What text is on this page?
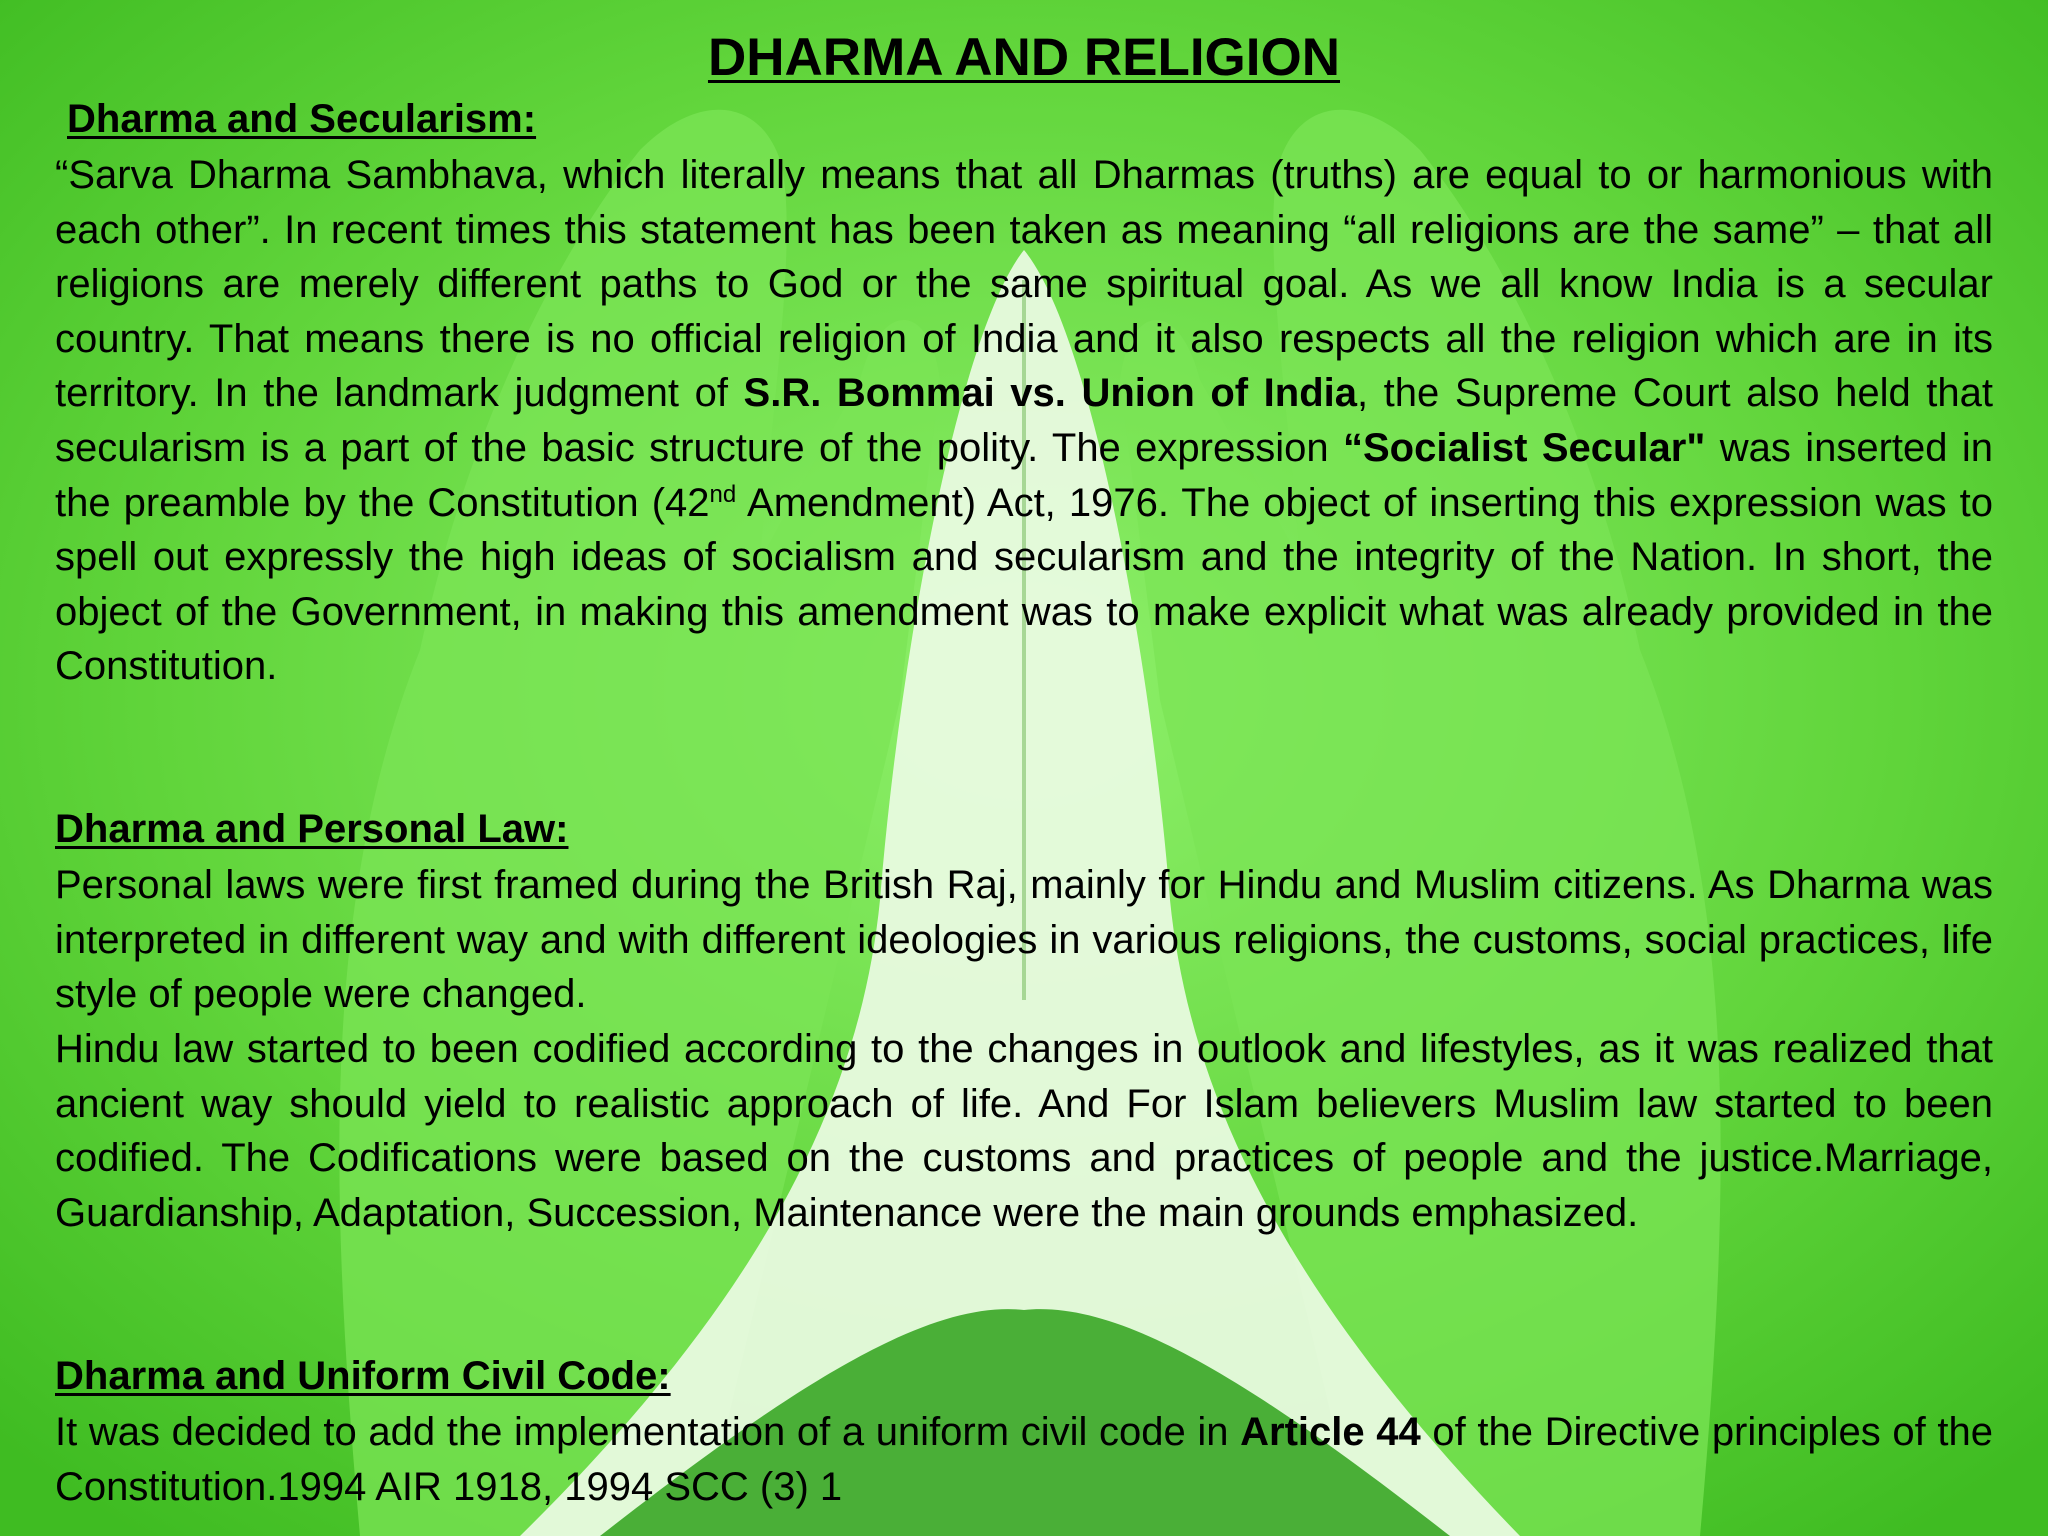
DHARMA AND RELIGION
Dharma and Secularism:

“Sarva Dharma Sambhava, which literally means that all Dharmas (truths) are equal to or harmonious with each other”. In recent times this statement has been taken as meaning “all religions are the same” – that all religions are merely different paths to God or the same spiritual goal. As we all know India is a secular country. That means there is no official religion of India and it also respects all the religion which are in its territory. In the landmark judgment of S.R. Bommai vs. Union of India, the Supreme Court also held that secularism is a part of the basic structure of the polity. The expression “Socialist Secular" was inserted in the preamble by the Constitution (42nd Amendment) Act, 1976. The object of inserting this expression was to spell out expressly the high ideas of socialism and secularism and the integrity of the Nation. In short, the object of the Government, in making this amendment was to make explicit what was already provided in the Constitution.

Dharma and Personal Law:

Personal laws were first framed during the British Raj, mainly for Hindu and Muslim citizens. As Dharma was interpreted in different way and with different ideologies in various religions, the customs, social practices, life style of people were changed.

Hindu law started to been codified according to the changes in outlook and lifestyles, as it was realized that ancient way should yield to realistic approach of life. And For Islam believers Muslim law started to been codified. The Codifications were based on the customs and practices of people and the justice.Marriage, Guardianship, Adaptation, Succession, Maintenance were the main grounds emphasized.

Dharma and Uniform Civil Code:

It was decided to add the implementation of a uniform civil code in Article 44 of the Directive principles of the Constitution.1994 AIR 1918, 1994 SCC (3) 1
